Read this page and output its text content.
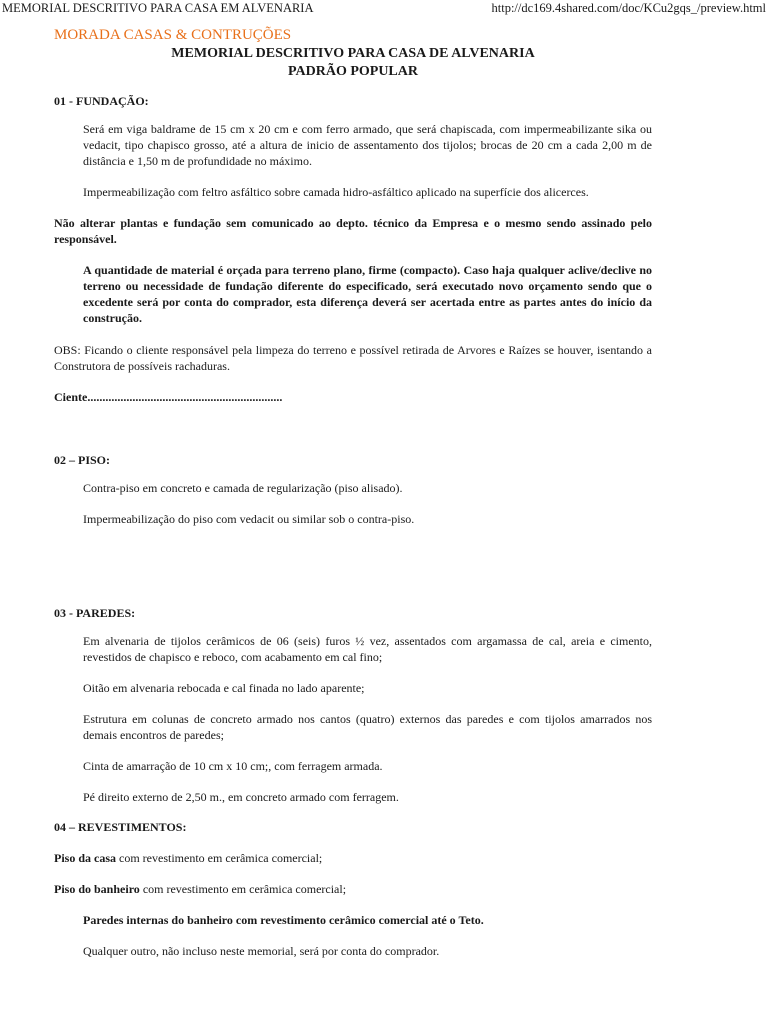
MEMORIAL DESCRITIVO PARA CASA EM ALVENARIA	http://dc169.4shared.com/doc/KCu2gqs_/preview.html
MORADA CASAS & CONTRUÇÕES
MEMORIAL DESCRITIVO PARA CASA DE ALVENARIA
PADRÃO POPULAR
01 - FUNDAÇÃO:

Será em viga baldrame de 15 cm x 20 cm e com ferro armado, que será chapiscada, com impermeabilizante sika ou vedacit, tipo chapisco grosso, até a altura de inicio de assentamento dos tijolos; brocas de 20 cm a cada 2,00 m de distância e 1,50 m de profundidade no máximo.

Impermeabilização com feltro asfáltico sobre camada hidro-asfáltico aplicado na superfície dos alicerces.

Não alterar plantas e fundação sem comunicado ao depto. técnico da Empresa e o mesmo sendo assinado pelo responsável.

A quantidade de material é orçada para terreno plano, firme (compacto). Caso haja qualquer aclive/declive no terreno ou necessidade de fundação diferente do especificado, será executado novo orçamento sendo que o excedente será por conta do comprador, esta diferença deverá ser acertada entre as partes antes do início da construção.

OBS: Ficando o cliente responsável pela limpeza do terreno e possível retirada de Arvores e Raízes se houver, isentando a Construtora de possíveis rachaduras.

Ciente.................................................................

02 – PISO:

Contra-piso em concreto e camada de regularização (piso alisado).

Impermeabilização do piso com vedacit ou similar sob o contra-piso.

03 - PAREDES:

Em alvenaria de tijolos cerâmicos de 06 (seis) furos ½ vez, assentados com argamassa de cal, areia e cimento, revestidos de chapisco e reboco, com acabamento em cal fino;

Oitão em alvenaria rebocada e cal finada no lado aparente;

Estrutura em colunas de concreto armado nos cantos (quatro) externos das paredes e com tijolos amarrados nos demais encontros de paredes;

Cinta de amarração de 10 cm x 10 cm;, com ferragem armada.

Pé direito externo de 2,50 m., em concreto armado com ferragem.

04 – REVESTIMENTOS:

Piso da casa com revestimento em cerâmica comercial;

Piso do banheiro com revestimento em cerâmica comercial;

Paredes internas do banheiro com revestimento cerâmico comercial até o Teto.

Qualquer outro, não incluso neste memorial, será por conta do comprador.
